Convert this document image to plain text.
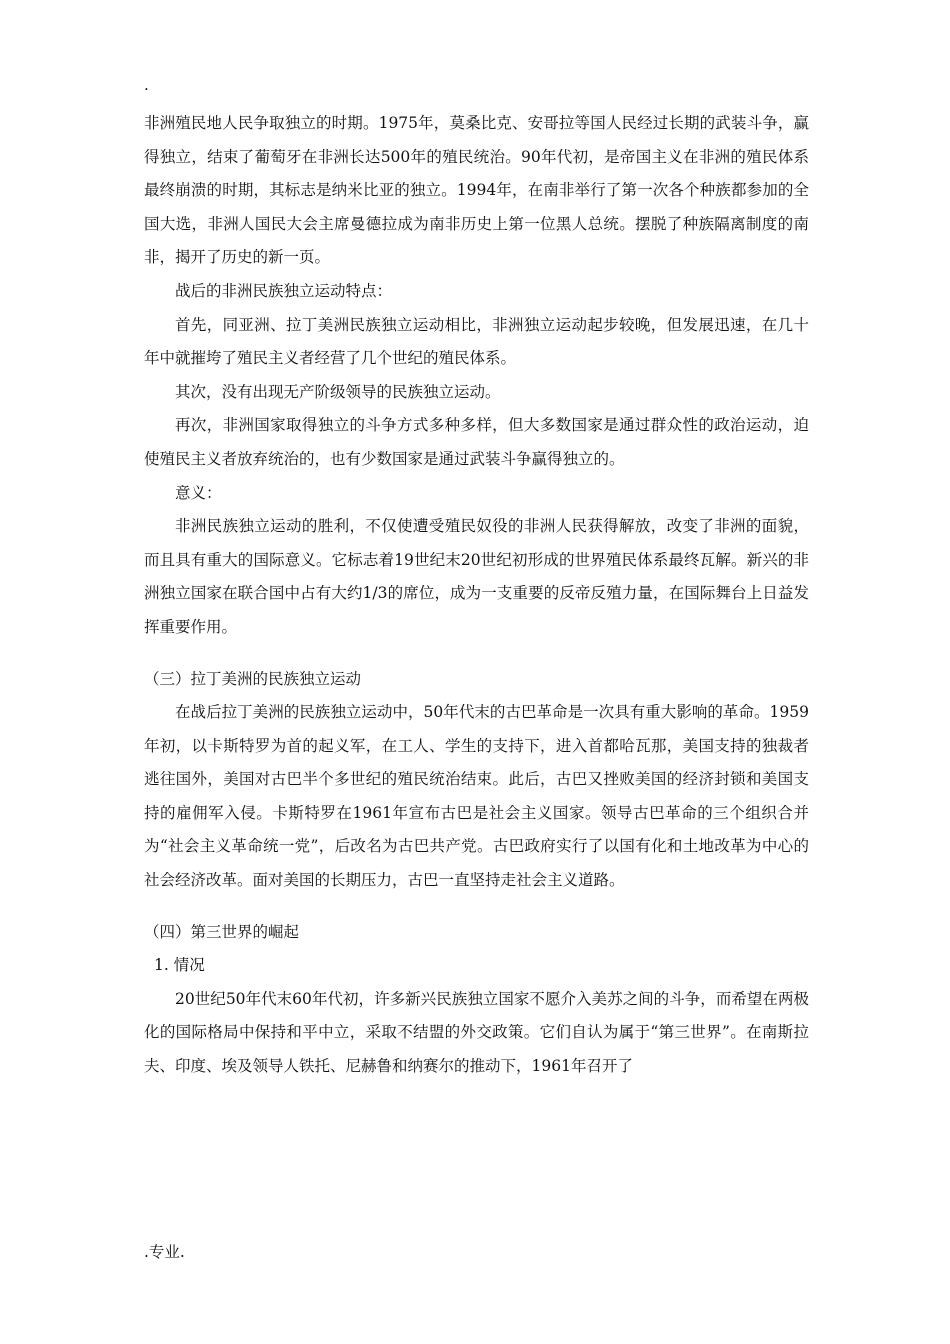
.

非洲殖民地人民争取独立的时期。1975年，莫桑比克、安哥拉等国人民经过长期的武装斗争，赢得独立，结束了葡萄牙在非洲长达500年的殖民统治。90年代初，是帝国主义在非洲的殖民体系最终崩溃的时期，其标志是纳米比亚的独立。1994年，在南非举行了第一次各个种族都参加的全国大选，非洲人国民大会主席曼德拉成为南非历史上第一位黑人总统。摆脱了种族隔离制度的南非，揭开了历史的新一页。

战后的非洲民族独立运动特点：

首先，同亚洲、拉丁美洲民族独立运动相比，非洲独立运动起步较晚，但发展迅速，在几十年中就摧垮了殖民主义者经营了几个世纪的殖民体系。

其次，没有出现无产阶级领导的民族独立运动。

再次，非洲国家取得独立的斗争方式多种多样，但大多数国家是通过群众性的政治运动，迫使殖民主义者放弃统治的，也有少数国家是通过武装斗争赢得独立的。

意义：

非洲民族独立运动的胜利，不仅使遭受殖民奴役的非洲人民获得解放，改变了非洲的面貌，而且具有重大的国际意义。它标志着19世纪末20世纪初形成的世界殖民体系最终瓦解。新兴的非洲独立国家在联合国中占有大约1/3的席位，成为一支重要的反帝反殖力量，在国际舞台上日益发挥重要作用。

（三）拉丁美洲的民族独立运动

在战后拉丁美洲的民族独立运动中，50年代末的古巴革命是一次具有重大影响的革命。1959年初，以卡斯特罗为首的起义军，在工人、学生的支持下，进入首都哈瓦那，美国支持的独裁者逃往国外，美国对古巴半个多世纪的殖民统治结束。此后，古巴又挫败美国的经济封锁和美国支持的雇佣军入侵。卡斯特罗在1961年宣布古巴是社会主义国家。领导古巴革命的三个组织合并为“社会主义革命统一党”，后改名为古巴共产党。古巴政府实行了以国有化和土地改革为中心的社会经济改革。面对美国的长期压力，古巴一直坚持走社会主义道路。

（四）第三世界的崛起

1. 情况

20世纪50年代末60年代初，许多新兴民族独立国家不愿介入美苏之间的斗争，而希望在两极化的国际格局中保持和平中立，采取不结盟的外交政策。它们自认为属于“第三世界”。在南斯拉夫、印度、埃及领导人铁托、尼赫鲁和纳赛尔的推动下，1961年召开了

.专业.
